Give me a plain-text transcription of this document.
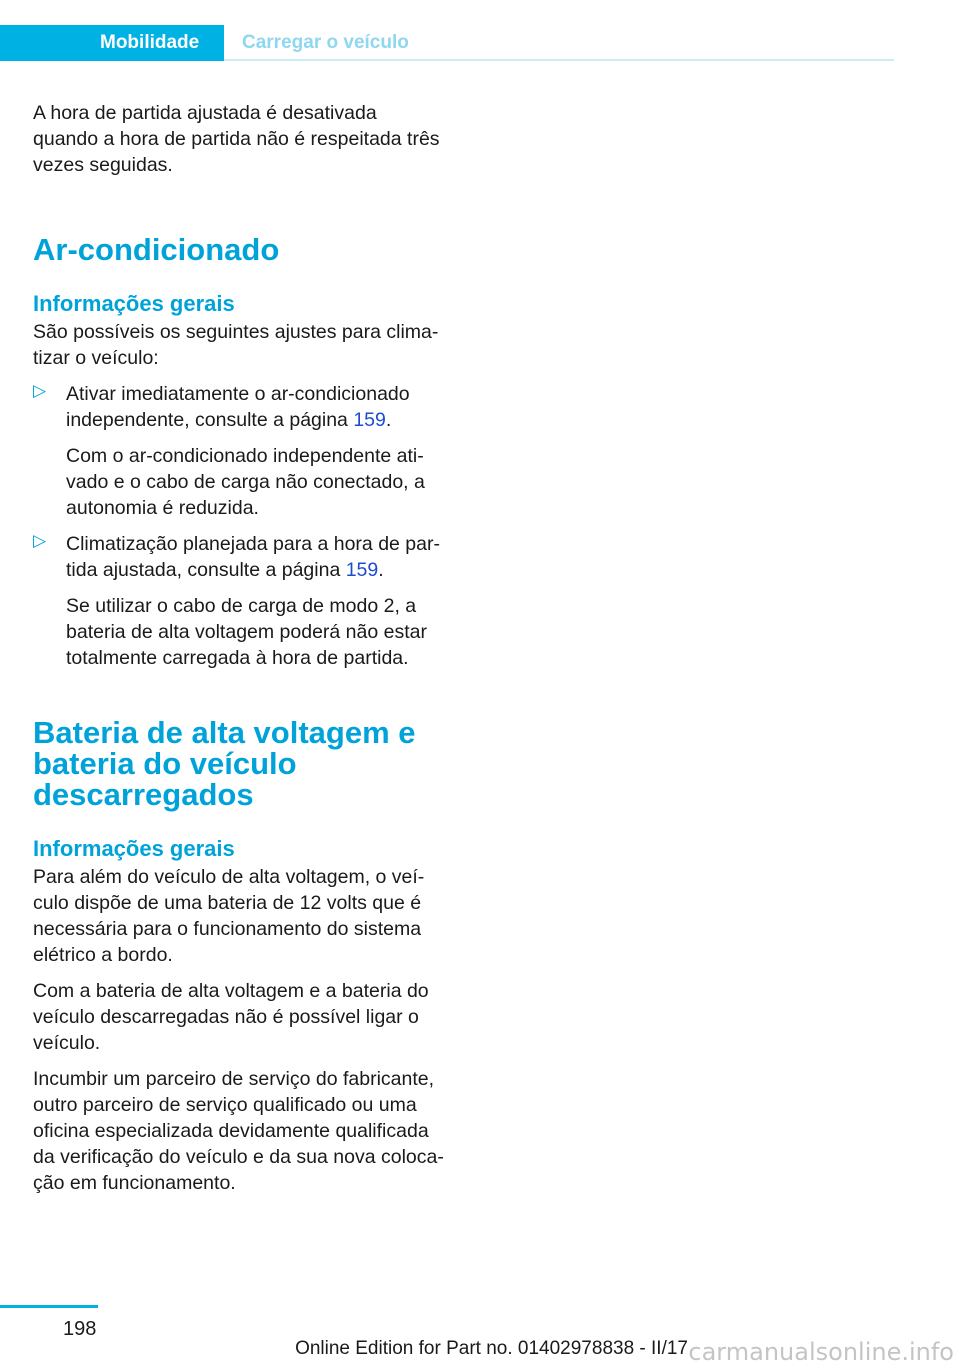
Mobilidade	Carregar o veículo

A hora de partida ajustada é desativada quando a hora de partida não é respeitada três vezes seguidas.

Ar-condicionado
Informações gerais

São possíveis os seguintes ajustes para clima-tizar o veículo:

▷ Ativar imediatamente o ar-condicionado independente, consulte a página 159.

Com o ar-condicionado independente ati-vado e o cabo de carga não conectado, a autonomia é reduzida.

▷ Climatização planejada para a hora de par-tida ajustada, consulte a página 159.

Se utilizar o cabo de carga de modo 2, a bateria de alta voltagem poderá não estar totalmente carregada à hora de partida.

Bateria de alta voltagem e bateria do veículo descarregados
Informações gerais

Para além do veículo de alta voltagem, o veí-culo dispõe de uma bateria de 12 volts que é necessária para o funcionamento do sistema elétrico a bordo.

Com a bateria de alta voltagem e a bateria do veículo descarregadas não é possível ligar o veículo.

Incumbir um parceiro de serviço do fabricante, outro parceiro de serviço qualificado ou uma oficina especializada devidamente qualificada da verificação do veículo e da sua nova coloca-ção em funcionamento.

198
Online Edition for Part no. 01402978838 - II/17 carmanualsonline.info
